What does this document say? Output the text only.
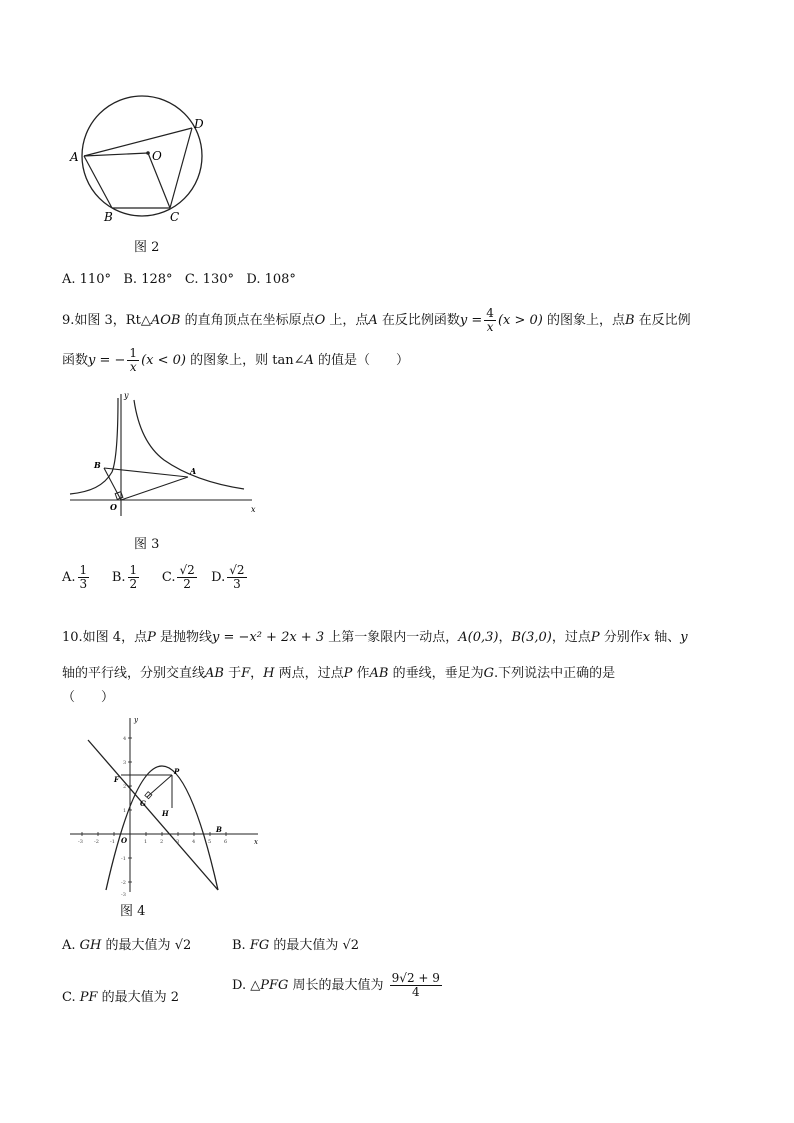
A	O
D
B	C
图 2
A. 110° B. 128° C. 130° D. 108°
9.如图 3，Rt△AOB 的直角顶点在坐标原点O 上，点A 在反比例函数$y = \frac{4}{x} (x > 0)$ 的图象上，点B 在反比例
函数y = − $\frac{1}{x} (x < 0)$ 的图象上，则 tan∠A 的值是（　　）
y
x
B
A
O
图 3
A. $\frac{1}{3} B$. $\frac{1}{2} C$. $\frac{√2}{2} D$. $\frac{√2}{3}$
10.如图 4，点P 是抛物线y = −x² + 2x + 3 上第一象限内一动点，A(0,3)，B(3,0)，过点P 分别作x 轴、y
轴的平行线，分别交直线AB 于F，H 两点，过点P 作AB 的垂线，垂足为G.下列说法中正确的是
（　　）
x
y
F
P
G
H
B
O
4
3
2
1
-1
-2
-3
-3 -2 -1	1	2	3	4	5	6
图 4
A. GH 的最大值为 √2	B. FG 的最大值为 √2
C. PF 的最大值为 2
D. △PFG 周长的最大值为 $\frac{9√2 + 9}{4}$
